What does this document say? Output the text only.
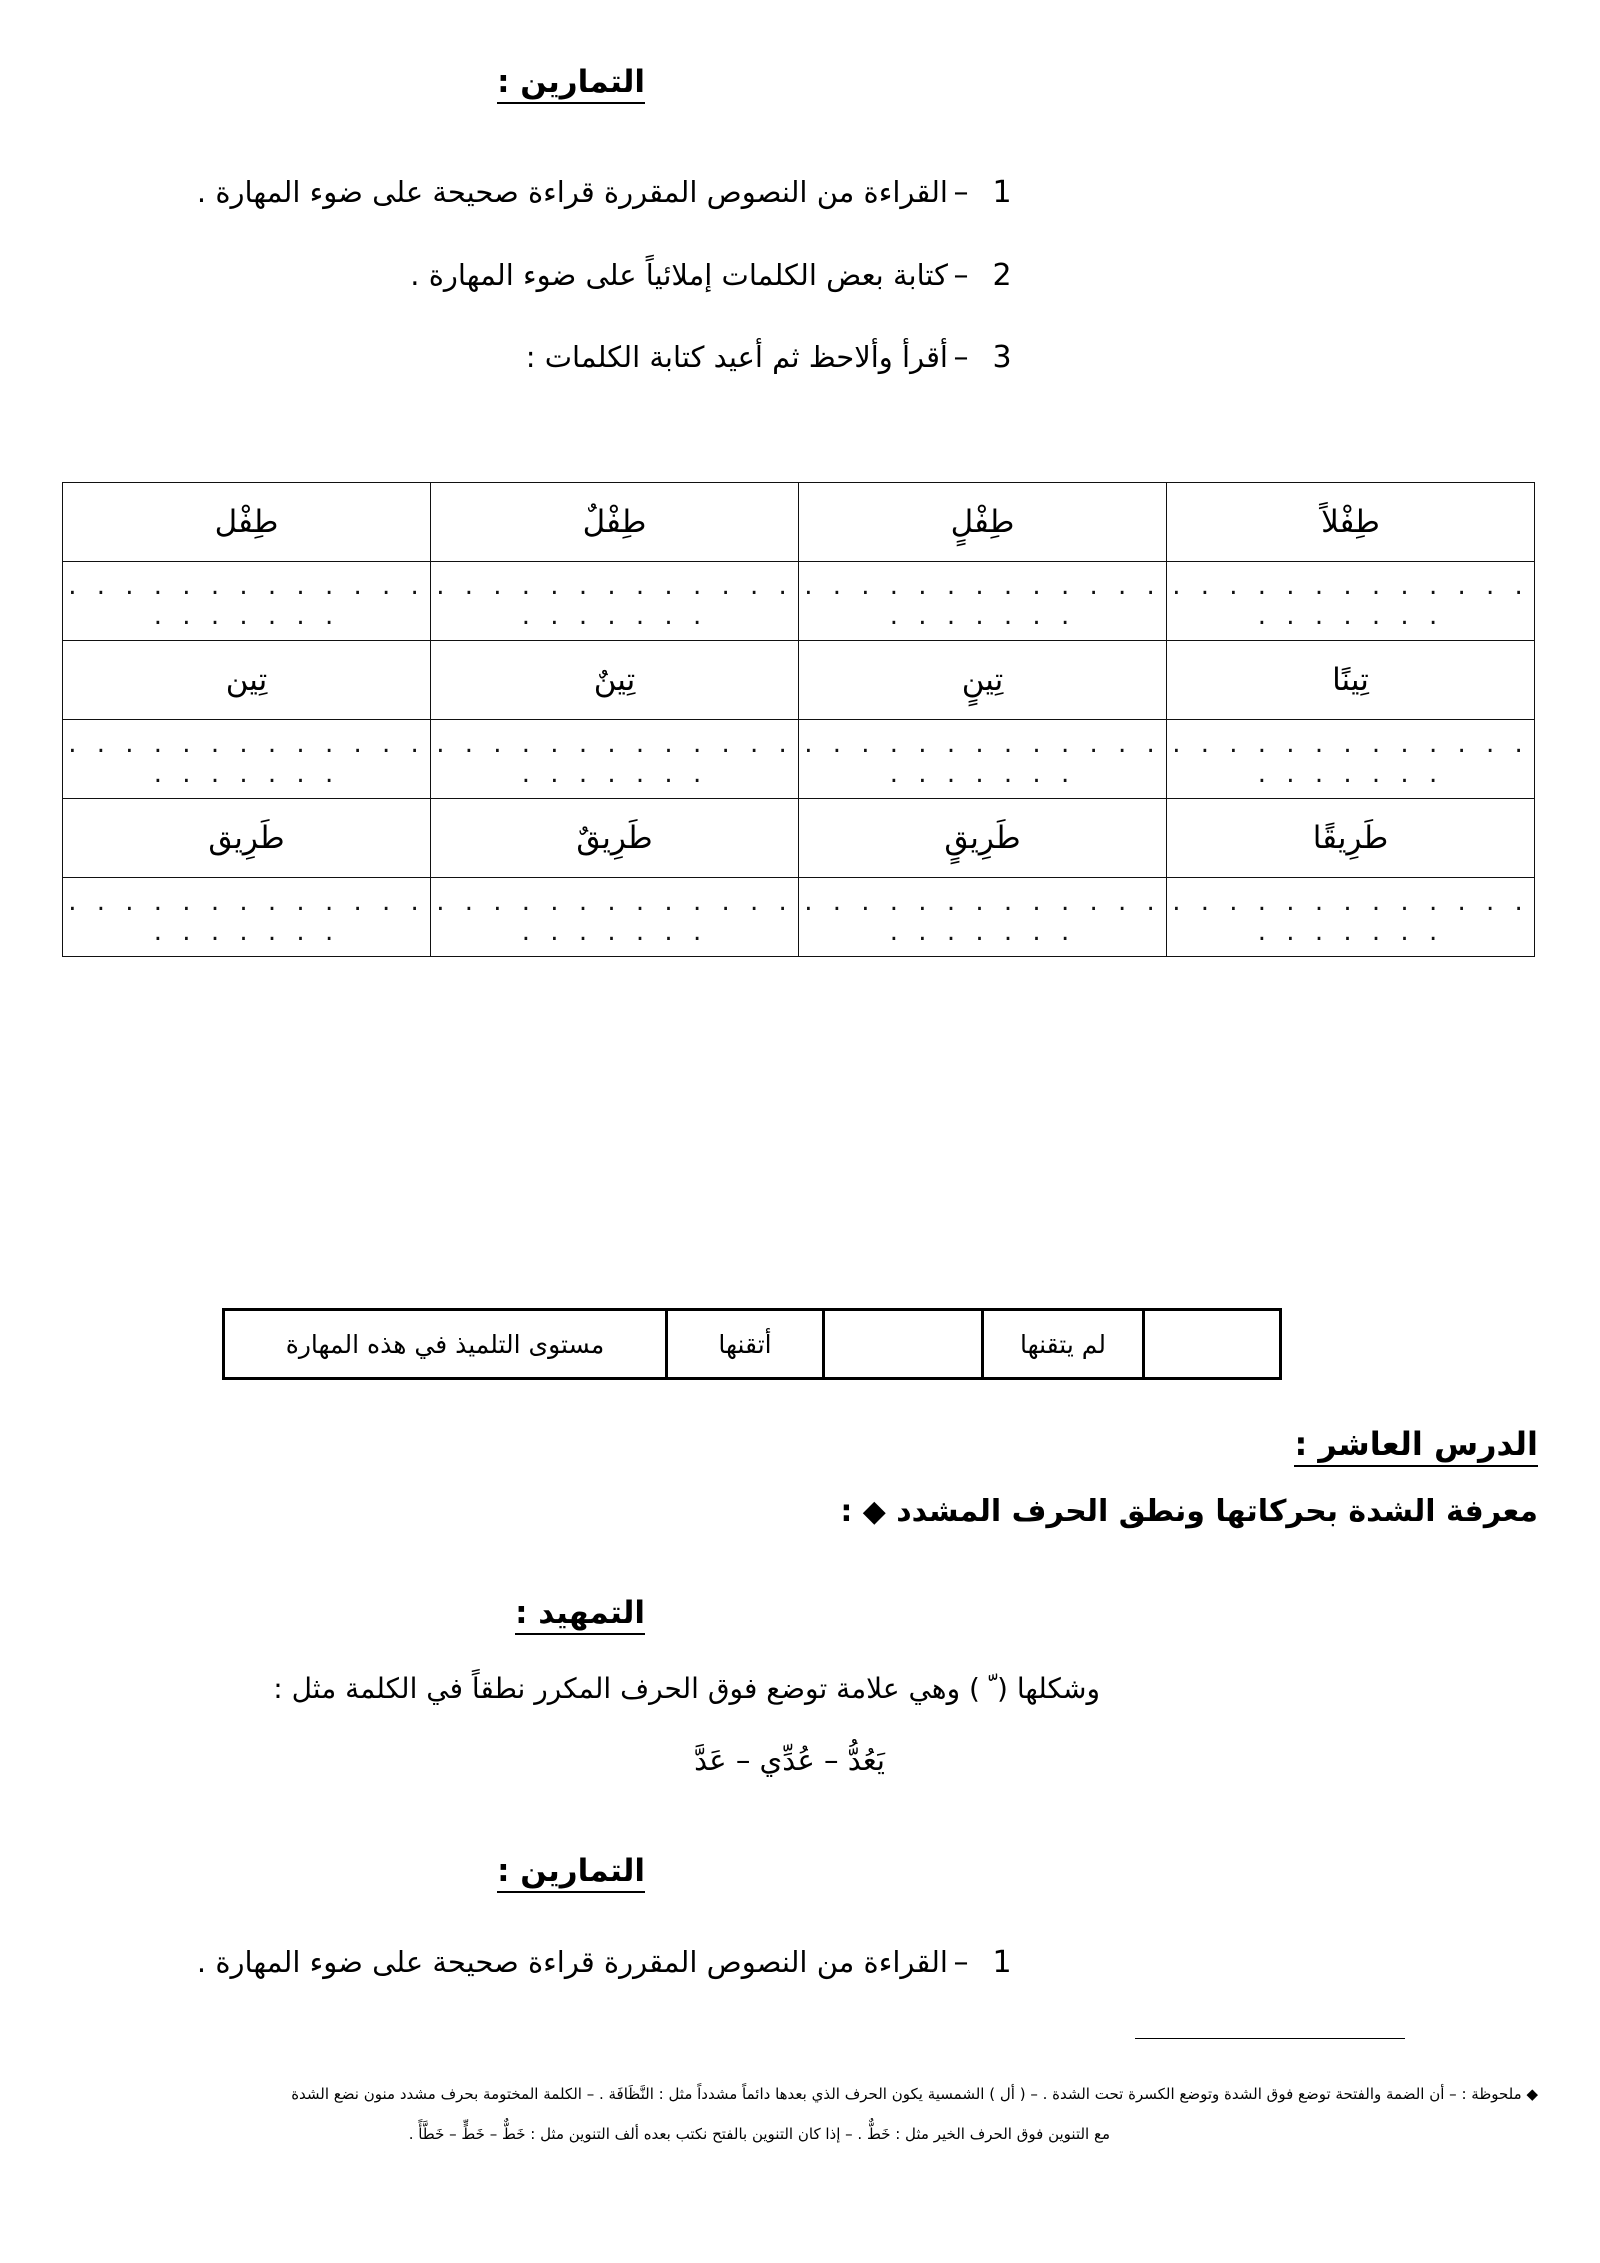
التمارين :
1–القراءة من النصوص المقررة قراءة صحيحة على ضوء المهارة .
2–كتابة بعض الكلمات إملائياً على ضوء المهارة .
3–أقرأ وألاحظ ثم أعيد كتابة الكلمات :
طِفْلاً	طِفْلٍ	طِفْلٌ	طِفْل
. . . . . . . . . . . . . . . . . . . .	. . . . . . . . . . . . . . . . . . . .	. . . . . . . . . . . . . . . . . . . .	. . . . . . . . . . . . . . . . . . . .
تِينًا	تِينٍ	تِينٌ	تِين
. . . . . . . . . . . . . . . . . . . .	. . . . . . . . . . . . . . . . . . . .	. . . . . . . . . . . . . . . . . . . .	. . . . . . . . . . . . . . . . . . . .
طَرِيقًا	طَرِيقٍ	طَرِيقٌ	طَرِيق
. . . . . . . . . . . . . . . . . . . .	. . . . . . . . . . . . . . . . . . . .	. . . . . . . . . . . . . . . . . . . .	. . . . . . . . . . . . . . . . . . . .
	لم يتقنها		أتقنها	مستوى التلميذ في هذه المهارة
الدرس العاشر :
معرفة الشدة بحركاتها ونطق الحرف المشدد ◆ :
التمهيد :
وشكلها ( ّ ) وهي علامة توضع فوق الحرف المكرر نطقاً في الكلمة مثل :
يَعُدُّ – عُدِّي – عَدَّ
التمارين :
1–القراءة من النصوص المقررة قراءة صحيحة على ضوء المهارة .
◆ ملحوظة : – أن الضمة والفتحة توضع فوق الشدة وتوضع الكسرة تحت الشدة . – ( أل ) الشمسية يكون الحرف الذي بعدها دائماً مشدداً مثل : النَّظَافَة . – الكلمة المختومة بحرف مشدد منون نضع الشدة
مع التنوين فوق الحرف الخير مثل : خَطٌّ . – إذا كان التنوين بالفتح نكتب بعده ألف التنوين مثل : خَطٌّ – خَطٍّ – خَطَّأً .
